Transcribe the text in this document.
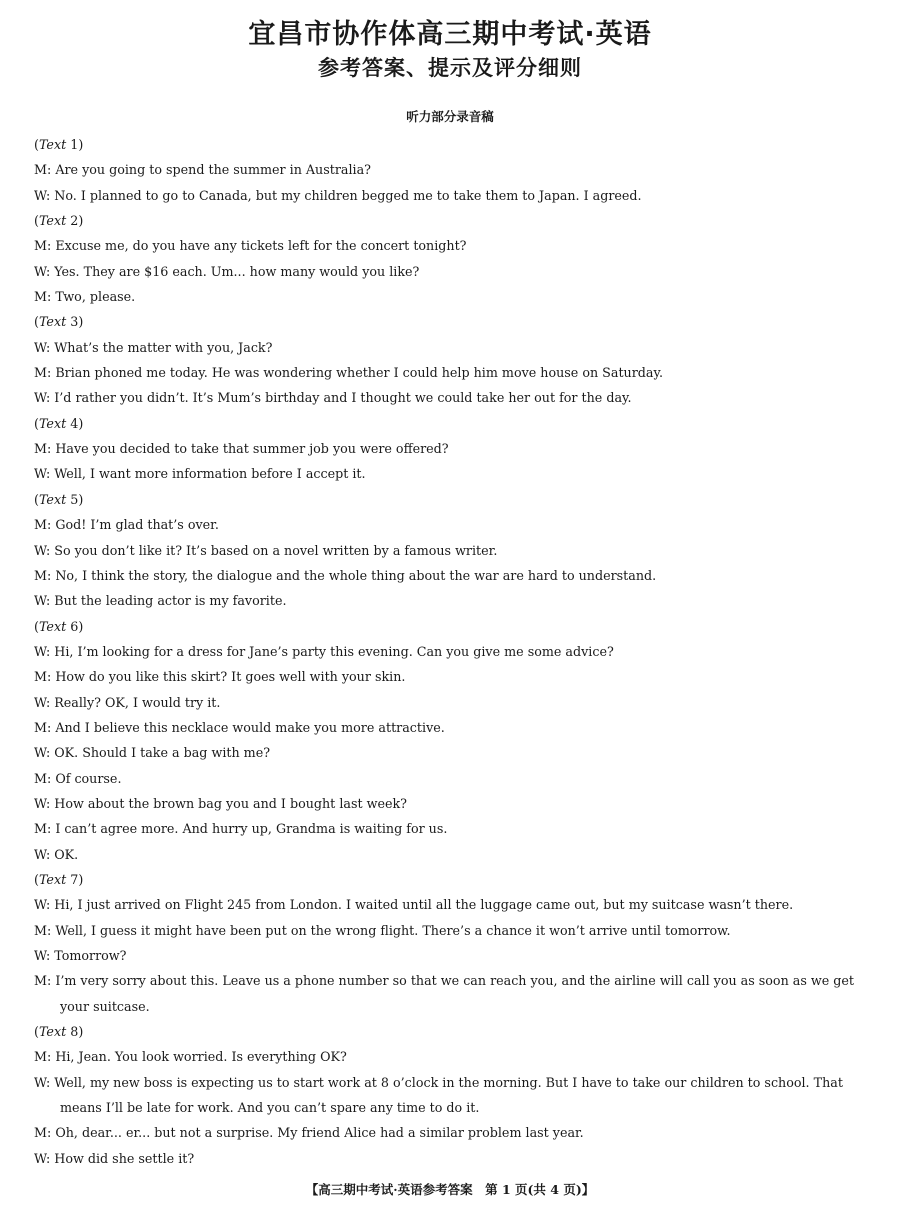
宜昌市协作体高三期中考试·英语
参考答案、提示及评分细则
听力部分录音稿
(Text 1)
M: Are you going to spend the summer in Australia?
W: No. I planned to go to Canada, but my children begged me to take them to Japan. I agreed.
(Text 2)
M: Excuse me, do you have any tickets left for the concert tonight?
W: Yes. They are $16 each. Um... how many would you like?
M: Two, please.
(Text 3)
W: What’s the matter with you, Jack?
M: Brian phoned me today. He was wondering whether I could help him move house on Saturday.
W: I’d rather you didn’t. It’s Mum’s birthday and I thought we could take her out for the day.
(Text 4)
M: Have you decided to take that summer job you were offered?
W: Well, I want more information before I accept it.
(Text 5)
M: God! I’m glad that’s over.
W: So you don’t like it? It’s based on a novel written by a famous writer.
M: No, I think the story, the dialogue and the whole thing about the war are hard to understand.
W: But the leading actor is my favorite.
(Text 6)
W: Hi, I’m looking for a dress for Jane’s party this evening. Can you give me some advice?
M: How do you like this skirt? It goes well with your skin.
W: Really? OK, I would try it.
M: And I believe this necklace would make you more attractive.
W: OK. Should I take a bag with me?
M: Of course.
W: How about the brown bag you and I bought last week?
M: I can’t agree more. And hurry up, Grandma is waiting for us.
W: OK.
(Text 7)
W: Hi, I just arrived on Flight 245 from London. I waited until all the luggage came out, but my suitcase wasn’t there.
M: Well, I guess it might have been put on the wrong flight. There’s a chance it won’t arrive until tomorrow.
W: Tomorrow?
M: I’m very sorry about this. Leave us a phone number so that we can reach you, and the airline will call you as soon as we get your suitcase.
(Text 8)
M: Hi, Jean. You look worried. Is everything OK?
W: Well, my new boss is expecting us to start work at 8 o’clock in the morning. But I have to take our children to school. That means I’ll be late for work. And you can’t spare any time to do it.
M: Oh, dear... er... but not a surprise. My friend Alice had a similar problem last year.
W: How did she settle it?
【高三期中考试·英语参考答案　第 1 页(共 4 页)】
